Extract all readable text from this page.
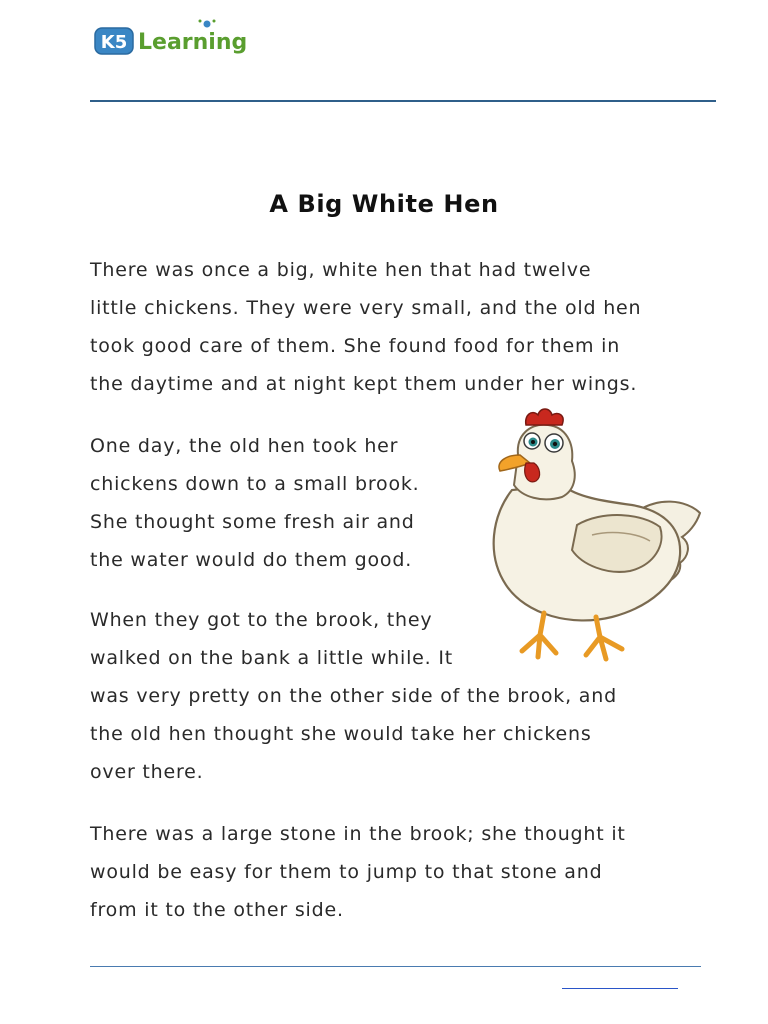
K5 Learning
A Big White Hen

There was once a big, white hen that had twelve
little chickens. They were very small, and the old hen
took good care of them. She found food for them in
the daytime and at night kept them under her wings.

One day, the old hen took her
chickens down to a small brook.
She thought some fresh air and
the water would do them good.

When they got to the brook, they
walked on the bank a little while. It
was very pretty on the other side of the brook, and
the old hen thought she would take her chickens
over there.

There was a large stone in the brook; she thought it
would be easy for them to jump to that stone and
from it to the other side.
